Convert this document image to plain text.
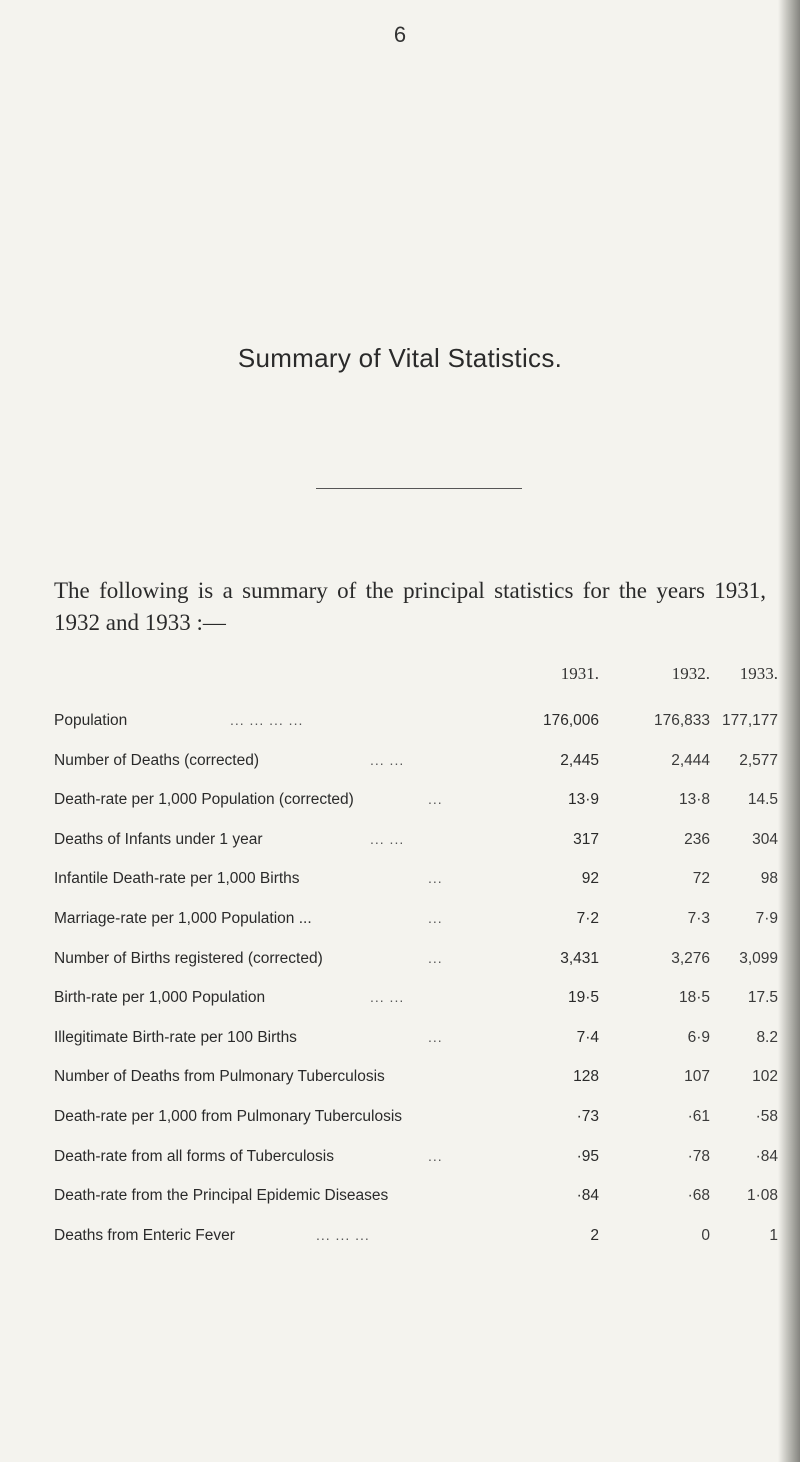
6
Summary of Vital Statistics.
The following is a summary of the principal statistics for the years 1931, 1932 and 1933 :—
1931.	1932.	1933.
Population	... ... ... ...	176,006	176,833 177,177
Number of Deaths (corrected)	... ...	2,445	2,444	2,577
Death-rate per 1,000 Population (corrected)	...	13·9	13·8	14.5
Deaths of Infants under 1 year	... ...	317	236	304
Infantile Death-rate per 1,000 Births	...	92	72	98
Marriage-rate per 1,000 Population ...	...	7·2	7·3	7·9
Number of Births registered (corrected)	...	3,431	3,276	3,099
Birth-rate per 1,000 Population	... ...	19·5	18·5	17.5
Illegitimate Birth-rate per 100 Births	...	7·4	6·9	8.2
Number of Deaths from Pulmonary Tuberculosis	128	107	102
Death-rate per 1,000 from Pulmonary Tuberculosis	·73	·61	·58
Death-rate from all forms of Tuberculosis	...	·95	·78	·84
Death-rate from the Principal Epidemic Diseases	·84	·68	1·08
Deaths from Enteric Fever	... ... ...	2	0	1
